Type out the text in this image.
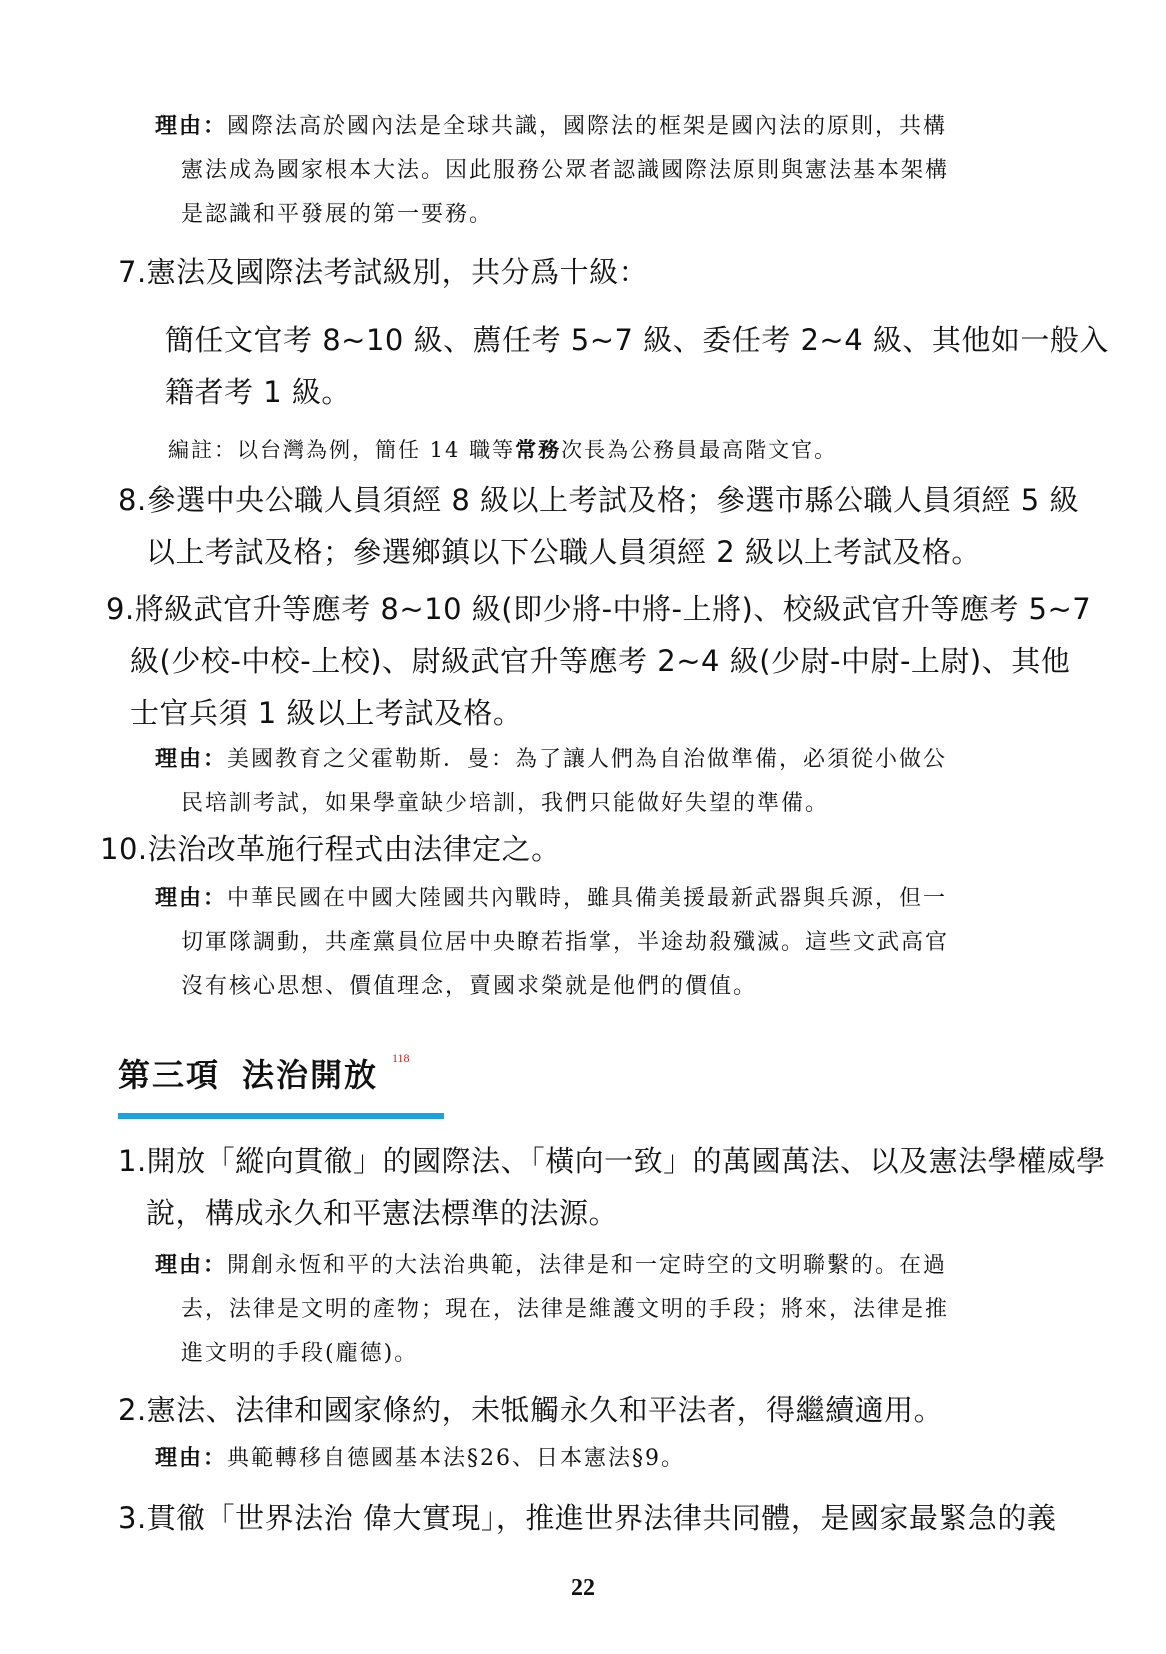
理由：國際法高於國內法是全球共識，國際法的框架是國內法的原則，共構
憲法成為國家根本大法。因此服務公眾者認識國際法原則與憲法基本架構
是認識和平發展的第一要務。
7.憲法及國際法考試級別，共分爲十級：
簡任文官考 8~10 級、薦任考 5~7 級、委任考 2~4 級、其他如一般入
籍者考 1 級。
編註：以台灣為例，簡任 14 職等常務次長為公務員最高階文官。
8.參選中央公職人員須經 8 級以上考試及格；參選市縣公職人員須經 5 級
以上考試及格；參選鄉鎮以下公職人員須經 2 級以上考試及格。
9.將級武官升等應考 8~10 級(即少將-中將-上將)、校級武官升等應考 5~7
級(少校-中校-上校)、尉級武官升等應考 2~4 級(少尉-中尉-上尉)、其他
士官兵須 1 級以上考試及格。
理由：美國教育之父霍勒斯．曼：為了讓人們為自治做準備，必須從小做公
民培訓考試，如果學童缺少培訓，我們只能做好失望的準備。
10.法治改革施行程式由法律定之。
理由：中華民國在中國大陸國共內戰時，雖具備美援最新武器與兵源，但一
切軍隊調動，共產黨員位居中央瞭若指掌，半途劫殺殲滅。這些文武高官
沒有核心思想、價值理念，賣國求榮就是他們的價值。
第三項 法治開放 118
1.開放「縱向貫徹」的國際法、「橫向一致」的萬國萬法、以及憲法學權威學
說，構成永久和平憲法標準的法源。
理由：開創永恆和平的大法治典範，法律是和一定時空的文明聯繫的。在過
去，法律是文明的產物；現在，法律是維護文明的手段；將來，法律是推
進文明的手段(龐德)。
2.憲法、法律和國家條約，未牴觸永久和平法者，得繼續適用。
理由：典範轉移自德國基本法§26、日本憲法§9。
3.貫徹「世界法治 偉大實現」，推進世界法律共同體，是國家最緊急的義
22
